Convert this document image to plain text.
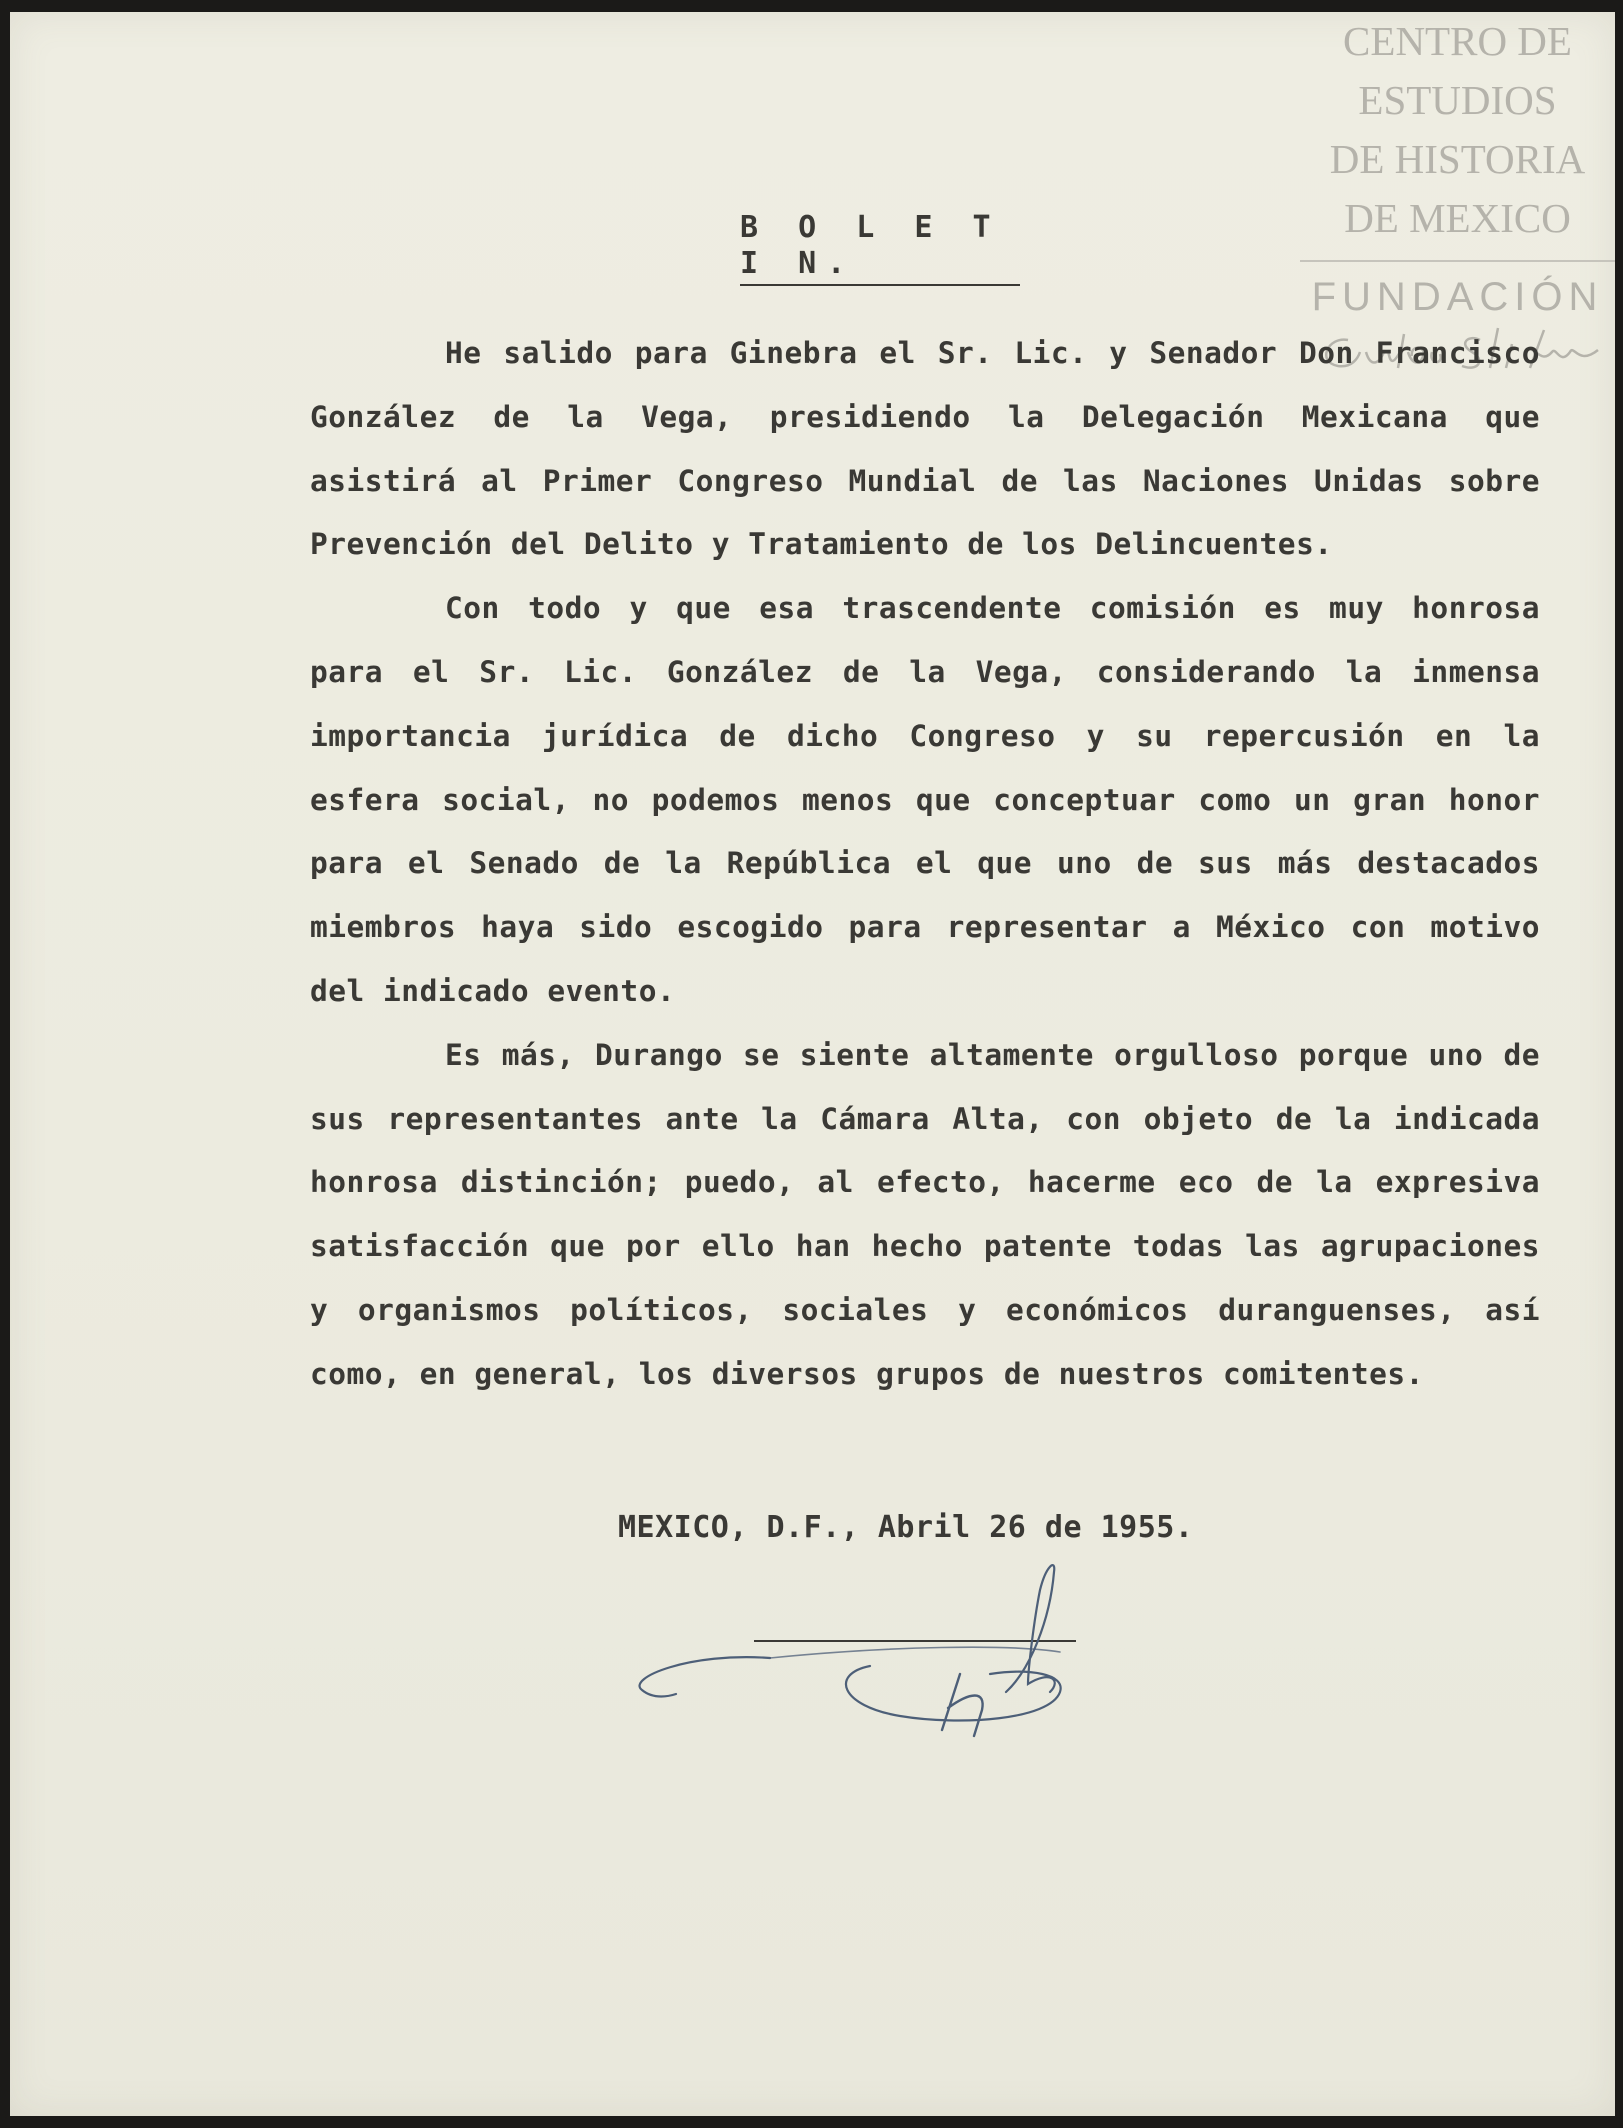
CENTRO DE
ESTUDIOS
DE HISTORIA
DE MEXICO
FUNDACIÓN
B O L E T I N.

He salido para Ginebra el Sr. Lic. y Senador Don Francisco González de la Vega, presidiendo la Delegación Mexicana que asistirá al Primer Congreso Mundial de las Naciones Unidas sobre Prevención del Delito y Tratamiento de los Delincuentes.

Con todo y que esa trascendente comisión es muy honrosa para el Sr. Lic. González de la Vega, considerando la inmensa importancia jurídica de dicho Congreso y su repercusión en la esfera social, no podemos menos que conceptuar como un gran honor para el Senado de la República el que uno de sus más destacados miembros haya sido escogido para representar a México con motivo del indicado evento.

Es más, Durango se siente altamente orgulloso porque uno de sus representantes ante la Cámara Alta, con objeto de la indicada honrosa distinción; puedo, al efecto, hacerme eco de la expresiva satisfacción que por ello han hecho patente todas las agrupaciones y organismos políticos, sociales y económicos duranguenses, así como, en general, los diversos grupos de nuestros comitentes.

MEXICO, D.F., Abril 26 de 1955.
